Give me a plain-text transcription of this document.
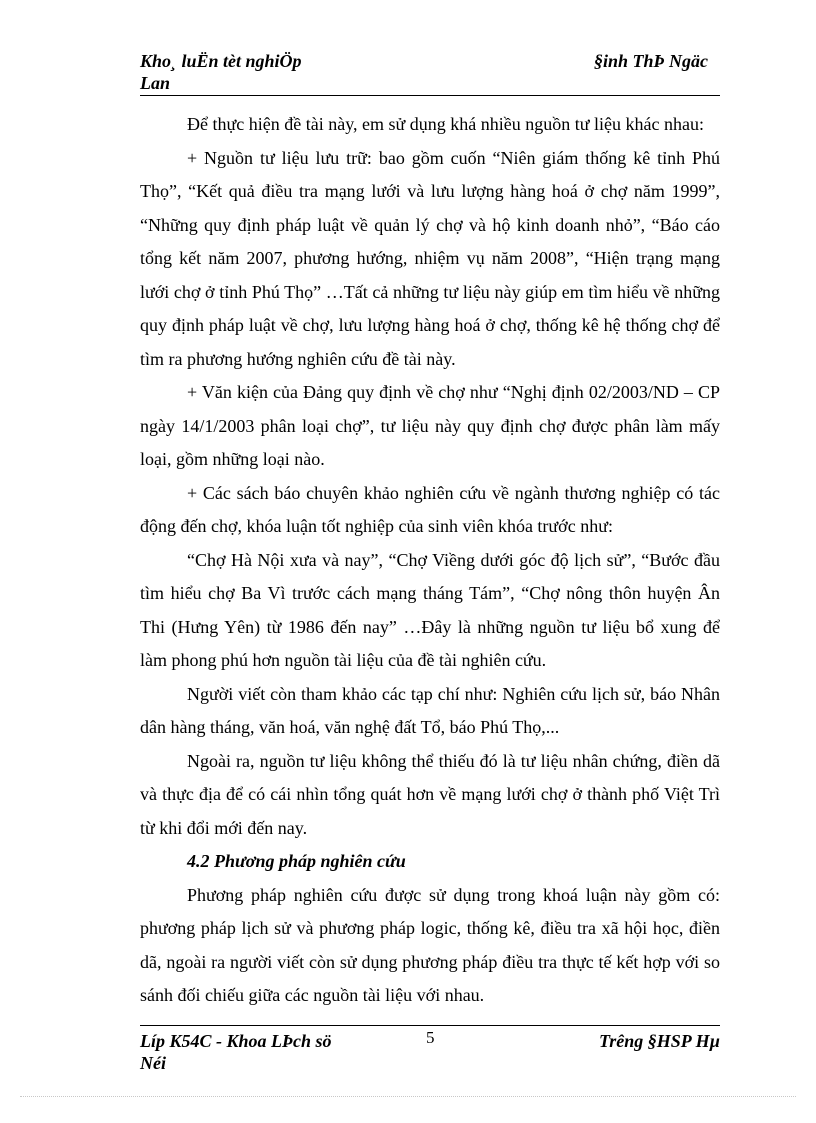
Kho¸ luËn tèt nghiÖp
Lan
§inh ThÞ Ngäc

Để thực hiện đề tài này, em sử dụng khá nhiều nguồn tư liệu khác nhau:

+ Nguồn tư liệu lưu trữ: bao gồm cuốn “Niên giám thống kê tỉnh Phú Thọ”, “Kết quả điều tra mạng lưới và lưu lượng hàng hoá ở chợ năm 1999”, “Những quy định pháp luật về quản lý chợ và hộ kinh doanh nhỏ”, “Báo cáo tổng kết năm 2007, phương hướng, nhiệm vụ năm 2008”, “Hiện trạng mạng lưới chợ ở tỉnh Phú Thọ” …Tất cả những tư liệu này giúp em tìm hiểu về những quy định pháp luật về chợ, lưu lượng hàng hoá ở chợ, thống kê hệ thống chợ để tìm ra phương hướng nghiên cứu đề tài này.

+ Văn kiện của Đảng quy định về chợ như “Nghị định 02/2003/ND – CP ngày 14/1/2003 phân loại chợ”, tư liệu này quy định chợ được phân làm mấy loại, gồm những loại nào.

+ Các sách báo chuyên khảo nghiên cứu về ngành thương nghiệp có tác động đến chợ, khóa luận tốt nghiệp của sinh viên khóa trước như:

“Chợ Hà Nội xưa và nay”, “Chợ Viềng dưới góc độ lịch sử”, “Bước đầu tìm hiểu chợ Ba Vì trước cách mạng tháng Tám”, “Chợ nông thôn huyện Ân Thi (Hưng Yên) từ 1986 đến nay” …Đây là những nguồn tư liệu bổ xung để làm phong phú hơn nguồn tài liệu của đề tài nghiên cứu.

Người viết còn tham khảo các tạp chí như: Nghiên cứu lịch sử, báo Nhân dân hàng tháng, văn hoá, văn nghệ đất Tổ, báo Phú Thọ,...

Ngoài ra, nguồn tư liệu không thể thiếu đó là tư liệu nhân chứng, điền dã và thực địa để có cái nhìn tổng quát hơn về mạng lưới chợ ở thành phố Việt Trì từ khi đổi mới đến nay.

4.2 Phương pháp nghiên cứu

Phương pháp nghiên cứu được sử dụng trong khoá luận này gồm có: phương pháp lịch sử và phương pháp logic, thống kê, điều tra xã hội học, điền dã, ngoài ra người viết còn sử dụng phương pháp điều tra thực tế kết hợp với so sánh đối chiếu giữa các nguồn tài liệu với nhau.

Líp K54C - Khoa LÞch sö
Néi
5	Trêng §HSP Hµ
